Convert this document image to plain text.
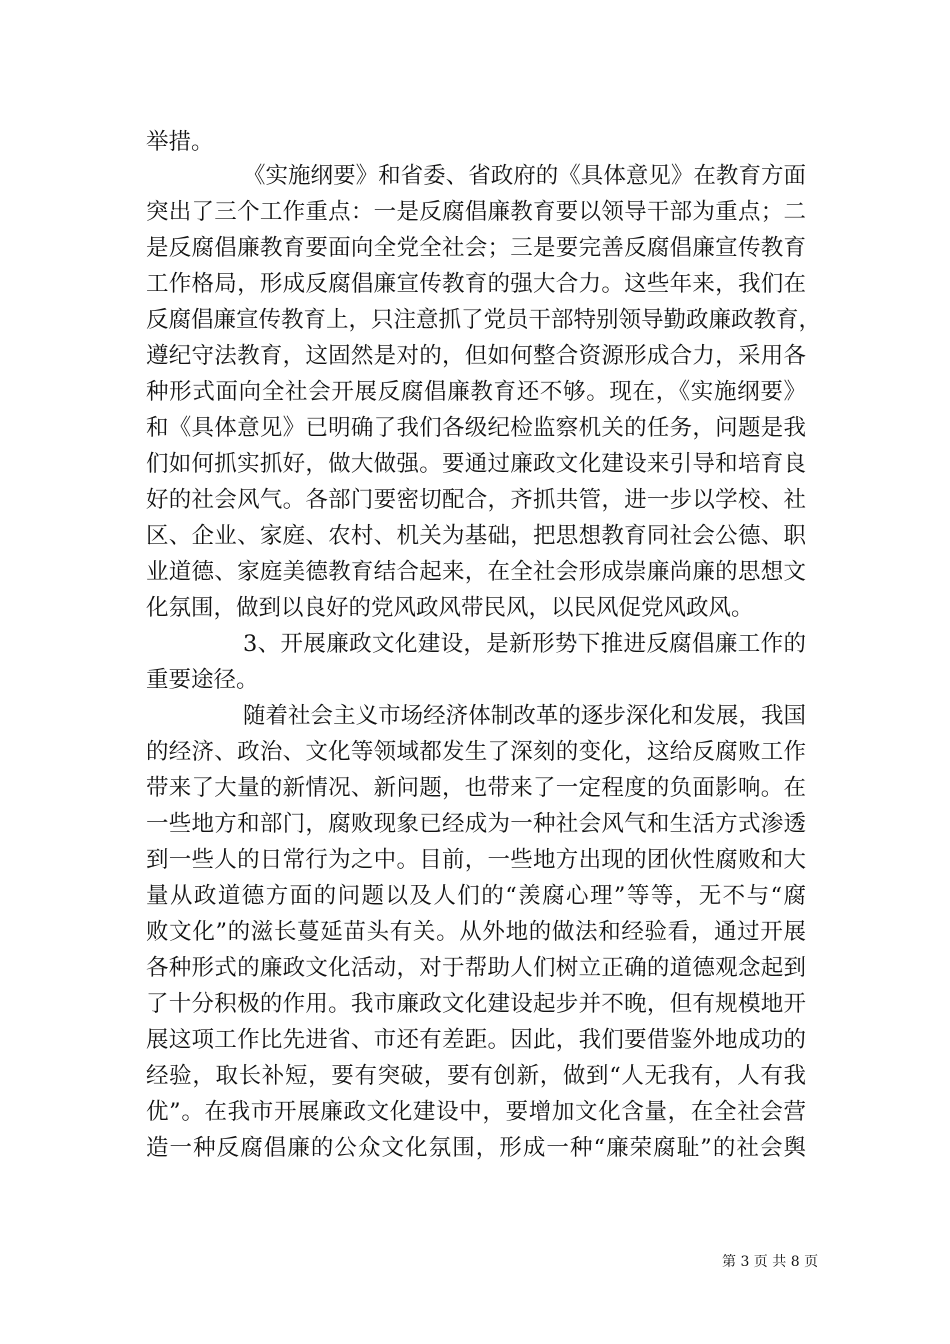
举措。
《实施纲要》和省委、省政府的《具体意见》在教育方面
突出了三个工作重点：一是反腐倡廉教育要以领导干部为重点；二
是反腐倡廉教育要面向全党全社会；三是要完善反腐倡廉宣传教育
工作格局，形成反腐倡廉宣传教育的强大合力。这些年来，我们在
反腐倡廉宣传教育上，只注意抓了党员干部特别领导勤政廉政教育，
遵纪守法教育，这固然是对的，但如何整合资源形成合力，采用各
种形式面向全社会开展反腐倡廉教育还不够。现在，《实施纲要》
和《具体意见》已明确了我们各级纪检监察机关的任务，问题是我
们如何抓实抓好，做大做强。要通过廉政文化建设来引导和培育良
好的社会风气。各部门要密切配合，齐抓共管，进一步以学校、社
区、企业、家庭、农村、机关为基础，把思想教育同社会公德、职
业道德、家庭美德教育结合起来，在全社会形成崇廉尚廉的思想文
化氛围，做到以良好的党风政风带民风，以民风促党风政风。
3、开展廉政文化建设，是新形势下推进反腐倡廉工作的
重要途径。
随着社会主义市场经济体制改革的逐步深化和发展，我国
的经济、政治、文化等领域都发生了深刻的变化，这给反腐败工作
带来了大量的新情况、新问题，也带来了一定程度的负面影响。在
一些地方和部门，腐败现象已经成为一种社会风气和生活方式渗透
到一些人的日常行为之中。目前，一些地方出现的团伙性腐败和大
量从政道德方面的问题以及人们的“羡腐心理”等等，无不与“腐
败文化”的滋长蔓延苗头有关。从外地的做法和经验看，通过开展
各种形式的廉政文化活动，对于帮助人们树立正确的道德观念起到
了十分积极的作用。我市廉政文化建设起步并不晚，但有规模地开
展这项工作比先进省、市还有差距。因此，我们要借鉴外地成功的
经验，取长补短，要有突破，要有创新，做到“人无我有，人有我
优”。在我市开展廉政文化建设中，要增加文化含量，在全社会营
造一种反腐倡廉的公众文化氛围，形成一种“廉荣腐耻”的社会舆
第 3 页 共 8 页
